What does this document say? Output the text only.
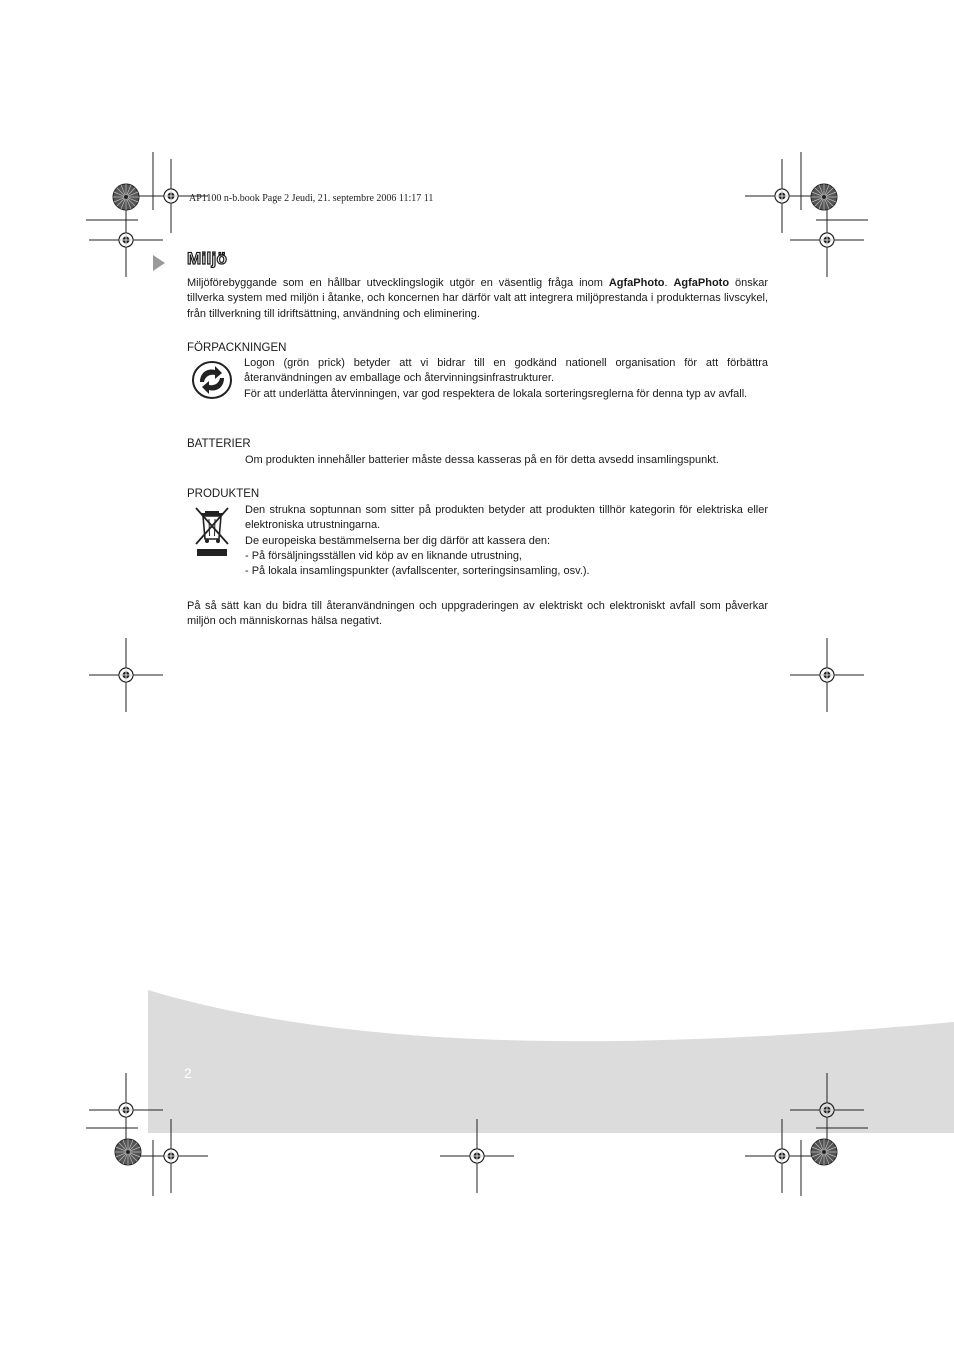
AP1100 n-b.book Page 2 Jeudi, 21. septembre 2006 11:17 11
Miljö
Miljöförebyggande som en hållbar utvecklingslogik utgör en väsentlig fråga inom AgfaPhoto. AgfaPhoto önskar tillverka system med miljön i åtanke, och koncernen har därför valt att integrera miljöprestanda i produkternas livscykel, från tillverkning till idriftsättning, användning och eliminering.
FÖRPACKNINGEN
Logon (grön prick) betyder att vi bidrar till en godkänd nationell organisation för att förbättra återanvändningen av emballage och återvinningsinfrastrukturer.
För att underlätta återvinningen, var god respektera de lokala sorteringsreglerna för denna typ av avfall.
BATTERIER
Om produkten innehåller batterier måste dessa kasseras på en för detta avsedd insamlingspunkt.
PRODUKTEN
Den strukna soptunnan som sitter på produkten betyder att produkten tillhör kategorin för elektriska eller elektroniska utrustningarna.

De europeiska bestämmelserna ber dig därför att kassera den:
- På försäljningsställen vid köp av en liknande utrustning,
- På lokala insamlingspunkter (avfallscenter, sorteringsinsamling, osv.).
På så sätt kan du bidra till återanvändningen och uppgraderingen av elektriskt och elektroniskt avfall som påverkar miljön och människornas hälsa negativt.
2
